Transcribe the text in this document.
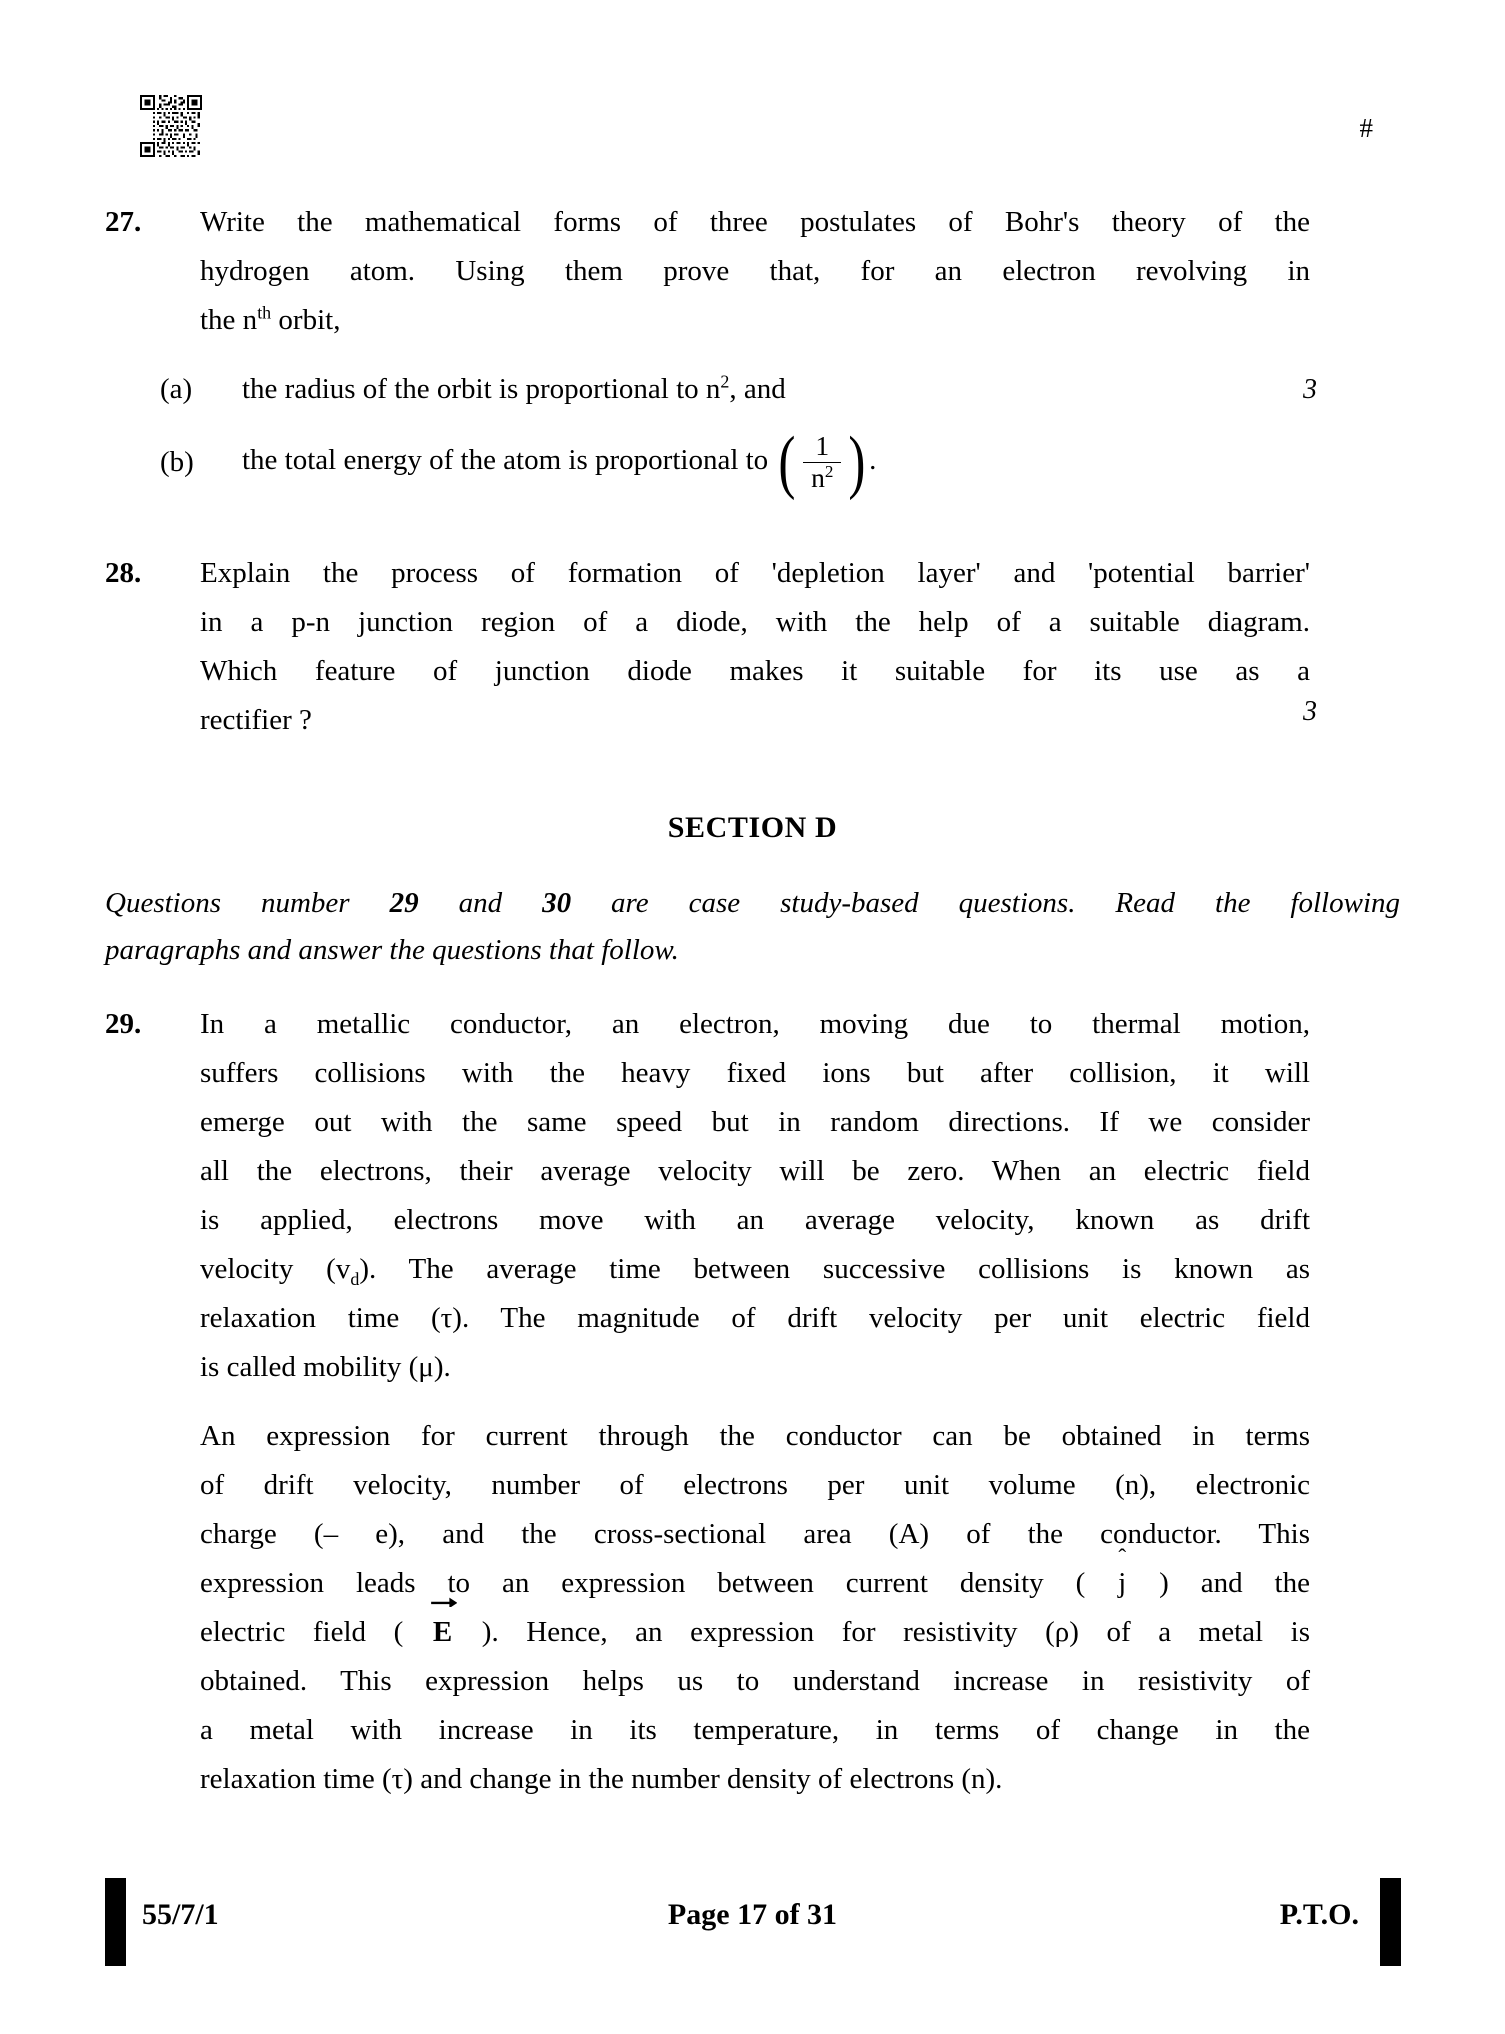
#
27.	Write the mathematical forms of three postulates of Bohr's theory of the
hydrogen atom. Using them prove that, for an electron revolving in
the $n^{th}$ orbit,
(a)	the radius of the orbit is proportional to $n^2$, and
(b)	the total energy of the atom is proportional to ( $\frac{1}{n^2}$ ) .
3
28.	Explain the process of formation of 'depletion layer' and 'potential barrier'
in a p-n junction region of a diode, with the help of a suitable diagram.
Which feature of junction diode makes it suitable for its use as a
rectifier ?	3
SECTION D
Questions number 29 and 30 are case study-based questions. Read the following
paragraphs and answer the questions that follow.
29.	In a metallic conductor, an electron, moving due to thermal motion,
suffers collisions with the heavy fixed ions but after collision, it will
emerge out with the same speed but in random directions. If we consider
all the electrons, their average velocity will be zero. When an electric field
is applied, electrons move with an average velocity, known as drift
velocity $(v_d)$. The average time between successive collisions is known as
relaxation time (τ). The magnitude of drift velocity per unit electric field
is called mobility (μ).
An expression for current through the conductor can be obtained in terms
of drift velocity, number of electrons per unit volume (n), electronic
charge (– e), and the cross-sectional area (A) of the conductor. This
expression leads to an expression between current density (
ˆ
j ) and the
electric field (
E ). Hence, an expression for resistivity (ρ) of a metal is
obtained. This expression helps us to understand increase in resistivity of
a metal with increase in its temperature, in terms of change in the
relaxation time (τ) and change in the number density of electrons (n).
55/7/1	Page 17 of 31	P.T.O.
